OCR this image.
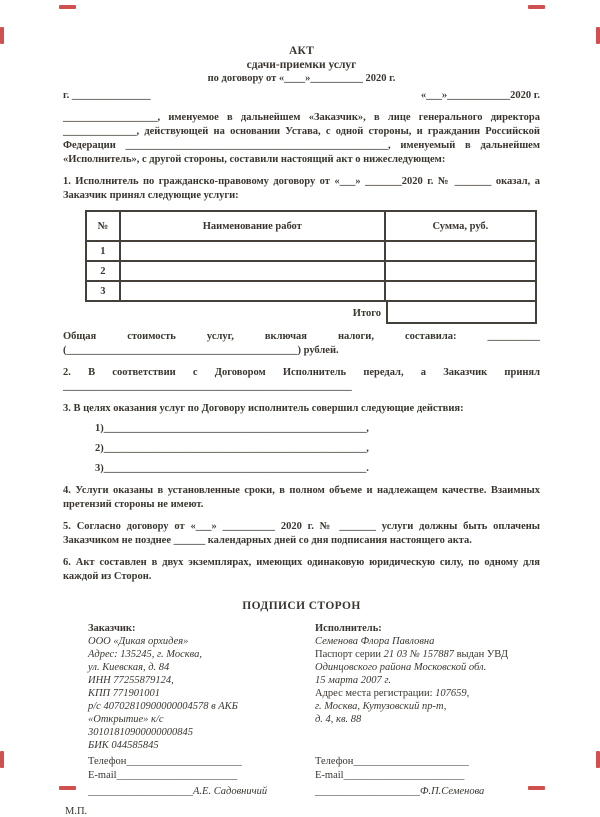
АКТ
сдачи-приемки услуг
по договору от «____»__________ 2020 г.
г. _______________	«___»____________2020 г.
__________________, именуемое в дальнейшем «Заказчик», в лице генерального директора
______________, действующей на основании Устава, с одной стороны, и гражданин Российской
Федерации __________________________________________________, именуемый в дальнейшем
«Исполнитель», с другой стороны, составили настоящий акт о нижеследующем:
1. Исполнитель по гражданско-правовому договору от «___» _______2020 г. № _______ оказал, а
Заказчик принял следующие услуги:
№	Наименование работ	Сумма, руб.
1		
2		
3		
Итого
Общая стоимость услуг, включая налоги, составила: __________
(____________________________________________) рублей.
2. В соответствии с Договором Исполнитель передал, а Заказчик принял
_______________________________________________________
3. В целях оказания услуг по Договору исполнитель совершил следующие действия:
1)__________________________________________________,
2)__________________________________________________,
3)__________________________________________________.
4. Услуги оказаны в установленные сроки, в полном объеме и надлежащем качестве. Взаимных
претензий стороны не имеют.
5. Согласно договору от «___» __________ 2020 г. № _______ услуги должны быть оплачены
Заказчиком не позднее ______ календарных дней со дня подписания настоящего акта.
6. Акт составлен в двух экземплярах, имеющих одинаковую юридическую силу, по одному для
каждой из Сторон.
ПОДПИСИ СТОРОН
Заказчик:
ООО «Дикая орхидея»
Адрес: 135245, г. Москва,
ул. Киевская, д. 84
ИНН 77255879124,
КПП 771901001
р/с 40702810900000004578 в АКБ
«Открытие» к/с
30101810900000000845
БИК 044585845
Телефон______________________
E-mail_______________________
____________________А.Е. Садовничий
Исполнитель:
Семенова Флора Павловна
Паспорт серии 21 03 № 157887 выдан УВД
Одинцовского района Московской обл.
15 марта 2007 г.
Адрес места регистрации: 107659,
г. Москва, Кутузовский пр-т,
д. 4, кв. 88
Телефон______________________
E-mail_______________________
____________________Ф.П.Семенова
М.П.
